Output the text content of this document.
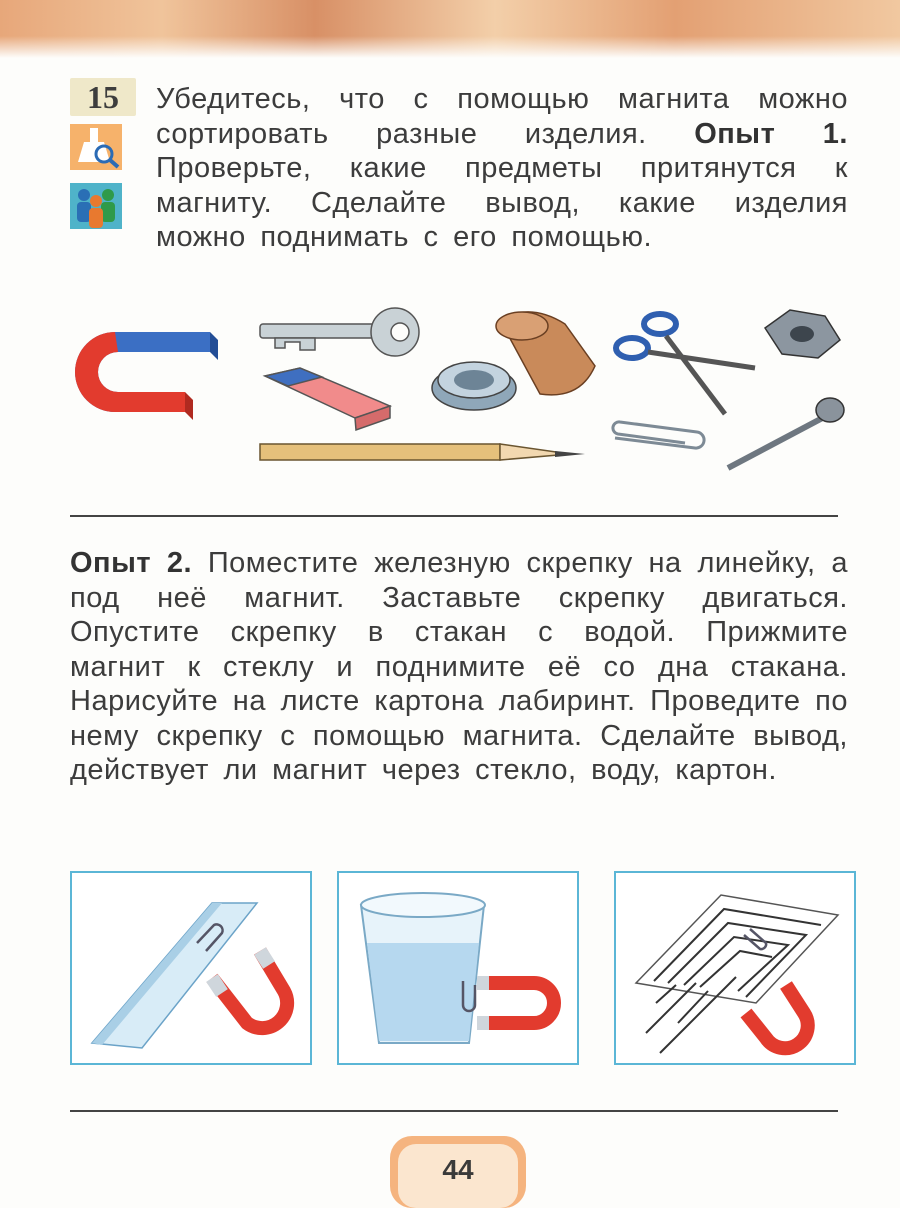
15	Убедитесь, что с помощью магнита можно сортировать разные изделия. Опыт 1. Проверьте, какие предметы притянутся к магниту. Сделайте вывод, какие изделия можно поднимать с его помощью.
Опыт 2. Поместите железную скрепку на линейку, а под неё магнит. Заставьте скрепку двигаться. Опустите скрепку в стакан с водой. Прижмите магнит к стеклу и поднимите её со дна стакана. Нарисуйте на листе картона лабиринт. Проведите по нему скрепку с помощью магнита. Сделайте вывод, действует ли магнит через стекло, воду, картон.
44
